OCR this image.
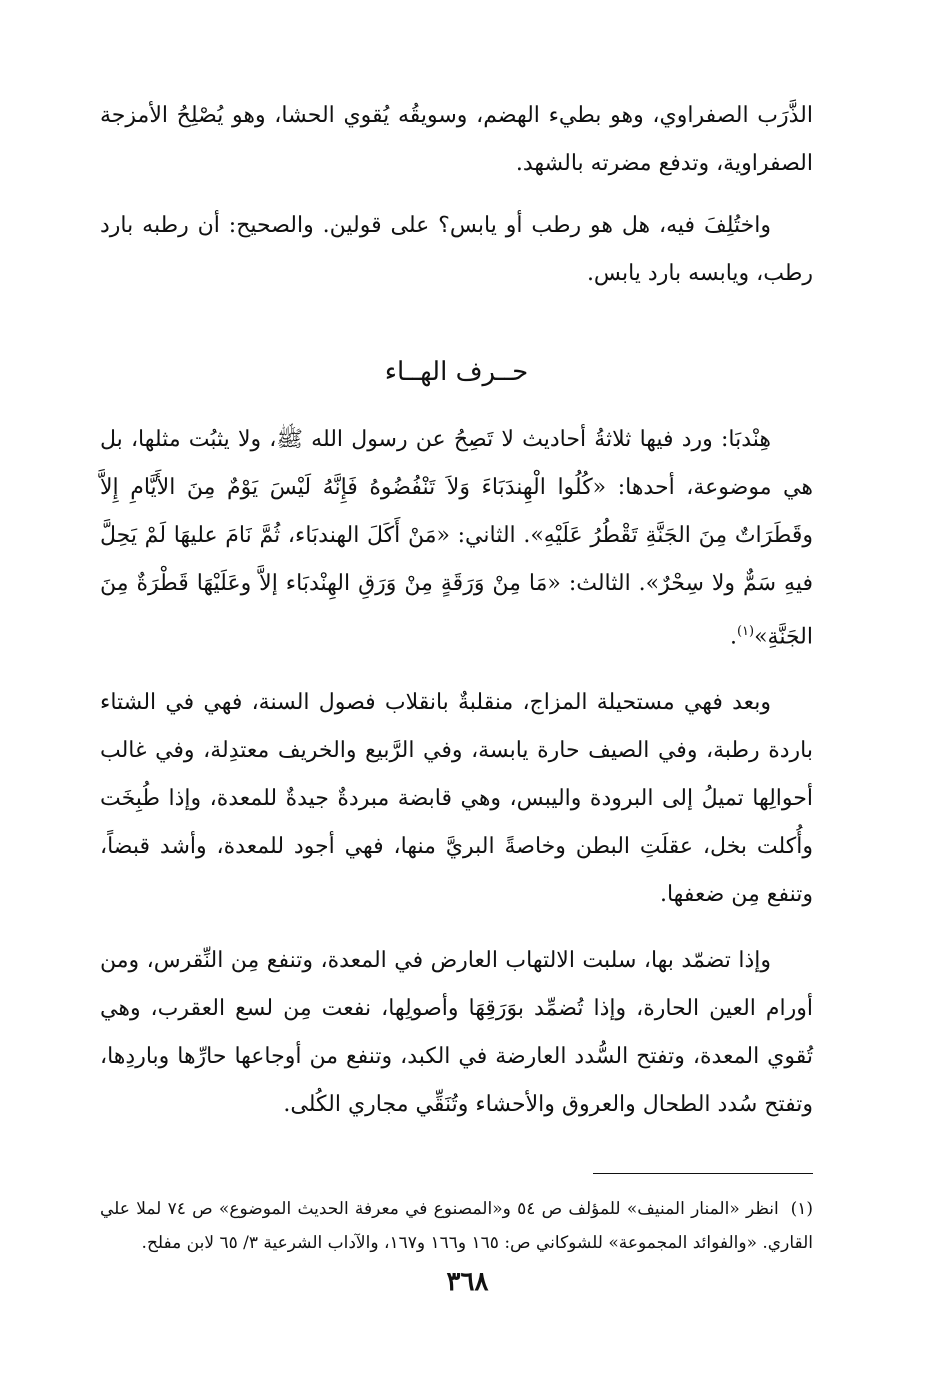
الذَّرَب الصفراوي، وهو بطيء الهضم، وسويقُه يُقوي الحشا، وهو يُصْلِحُ الأمزجة الصفراوية، وتدفع مضرته بالشهد.

واختُلِفَ فيه، هل هو رطب أو يابس؟ على قولين. والصحيح: أن رطبه بارد رطب، ويابسه بارد يابس.

حــرف الهــاء

هِنْدبَا: ورد فيها ثلاثةُ أحاديث لا تَصِحُ عن رسول الله ﷺ، ولا يثبُت مثلها، بل هي موضوعة، أحدها: «كُلُوا الْهِندَبَاءَ وَلاَ تَنْفُضُوهُ فَإِنَّهُ لَيْسَ يَوْمٌ مِنَ الأَيَّامِ إِلاَّ وقَطَرَاتٌ مِنَ الجَنَّةِ تَقْطُرُ عَلَيْهِ». الثاني: «مَنْ أَكَلَ الهندبَاء، ثُمَّ نَامَ عليهَا لَمْ يَحِلَّ فيهِ سَمٌّ ولا سِحْرٌ». الثالث: «مَا مِنْ وَرَقَةٍ مِنْ وَرَقِ الهِنْدبَاء إلاَّ وعَلَيْهَا قَطْرَةٌ مِنَ الجَنَّةِ»$^{(١)}$.

وبعد فهي مستحيلة المزاج، منقلبةٌ بانقلاب فصول السنة، فهي في الشتاء باردة رطبة، وفي الصيف حارة يابسة، وفي الرَّبيع والخريف معتدِلة، وفي غالب أحوالِها تميلُ إلى البرودة واليبس، وهي قابضة مبردةٌ جيدةٌ للمعدة، وإذا طُبِخَت وأُكلت بخل، عقلَتِ البطن وخاصةً البريَّ منها، فهي أجود للمعدة، وأشد قبضاً، وتنفع مِن ضعفها.

وإذا تضمّد بها، سلبت الالتهاب العارض في المعدة، وتنفع مِن النِّقرس، ومن أورام العين الحارة، وإذا تُضمِّد بوَرَقِهَا وأصولِها، نفعت مِن لسع العقرب، وهي تُقوي المعدة، وتفتح السُّدد العارضة في الكبد، وتنفع من أوجاعها حارِّها وباردِها، وتفتح سُدد الطحال والعروق والأحشاء وتُنَقِّي مجاري الكُلى.

(١) انظر «المنار المنيف» للمؤلف ص ٥٤ و«المصنوع في معرفة الحديث الموضوع» ص ٧٤ لملا علي القاري. «والفوائد المجموعة» للشوكاني ص: ١٦٥ و١٦٦ و١٦٧، والآداب الشرعية ٣/ ٦٥ لابن مفلح.
٣٦٨
